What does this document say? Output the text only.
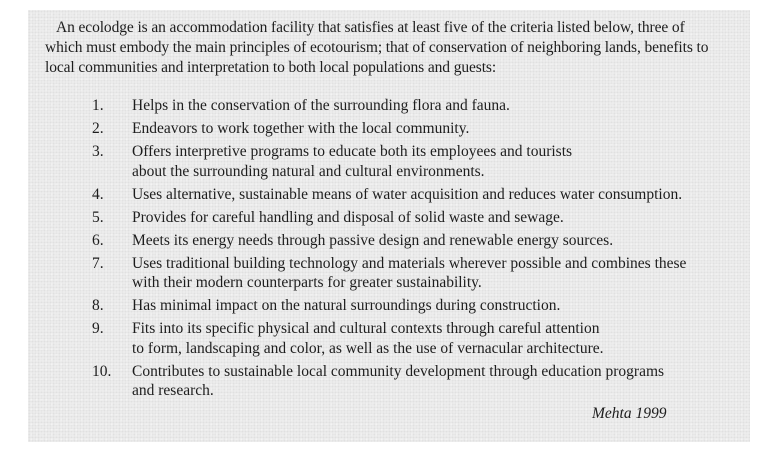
An ecolodge is an accommodation facility that satisfies at least five of the criteria listed below, three of which must embody the main principles of ecotourism; that of conservation of neighboring lands, benefits to local communities and interpretation to both local populations and guests:

1.	Helps in the conservation of the surrounding flora and fauna.
2.	Endeavors to work together with the local community.
3.	Offers interpretive programs to educate both its employees and tourists
about the surrounding natural and cultural environments.
4.	Uses alternative, sustainable means of water acquisition and reduces water consumption.
5.	Provides for careful handling and disposal of solid waste and sewage.
6.	Meets its energy needs through passive design and renewable energy sources.
7.	Uses traditional building technology and materials wherever possible and combines these
with their modern counterparts for greater sustainability.
8.	Has minimal impact on the natural surroundings during construction.
9.	Fits into its specific physical and cultural contexts through careful attention
to form, landscaping and color, as well as the use of vernacular architecture.
10.	Contributes to sustainable local community development through education programs
and research.
Mehta 1999
